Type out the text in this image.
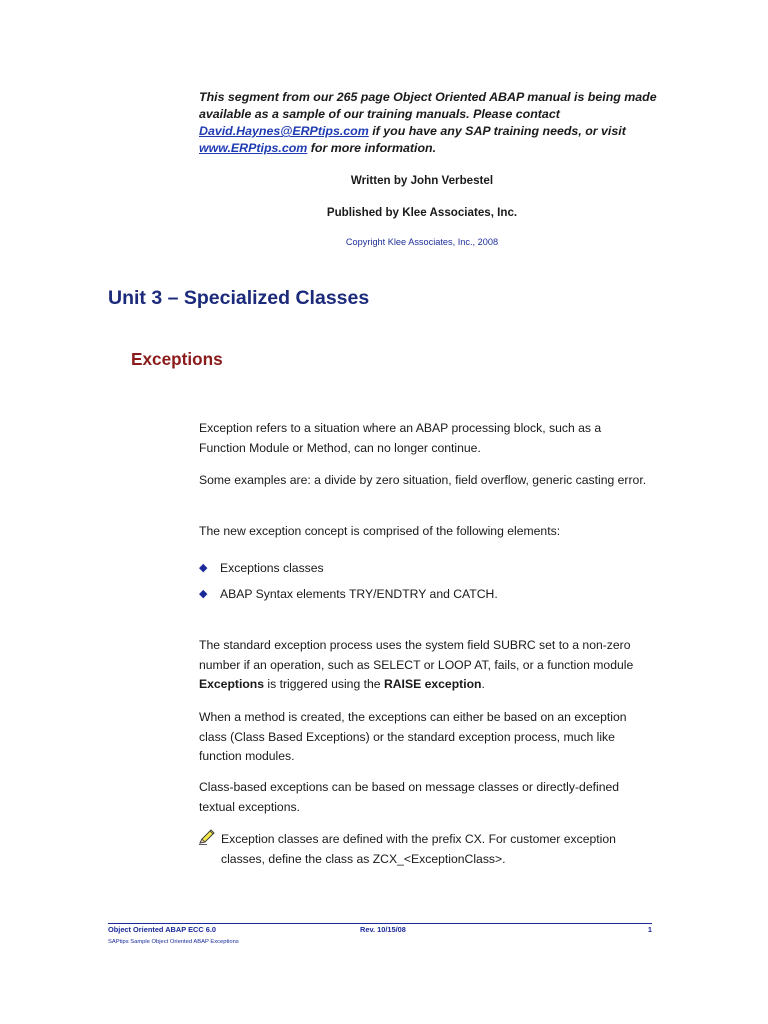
This segment from our 265 page Object Oriented ABAP manual is being made
available as a sample of our training manuals. Please contact
David.Haynes@ERPtips.com if you have any SAP training needs, or visit
www.ERPtips.com for more information.
Written by John Verbestel
Published by Klee Associates, Inc.
Copyright Klee Associates, Inc., 2008
Unit 3 – Specialized Classes
Exceptions
Exception refers to a situation where an ABAP processing block, such as a Function Module or Method, can no longer continue.
Some examples are: a divide by zero situation, field overflow, generic casting error.
The new exception concept is comprised of the following elements:
◆ Exceptions classes
◆ ABAP Syntax elements TRY/ENDTRY and CATCH.
The standard exception process uses the system field SUBRC set to a non-zero number if an operation, such as SELECT or LOOP AT, fails, or a function module Exceptions is triggered using the RAISE exception.
When a method is created, the exceptions can either be based on an exception class (Class Based Exceptions) or the standard exception process, much like function modules.
Class-based exceptions can be based on message classes or directly-defined textual exceptions.
Exception classes are defined with the prefix CX. For customer exception classes, define the class as ZCX_<ExceptionClass>.
Object Oriented ABAP ECC 6.0	Rev. 10/15/08	1
SAPtips Sample Object Oriented ABAP Exceptions
